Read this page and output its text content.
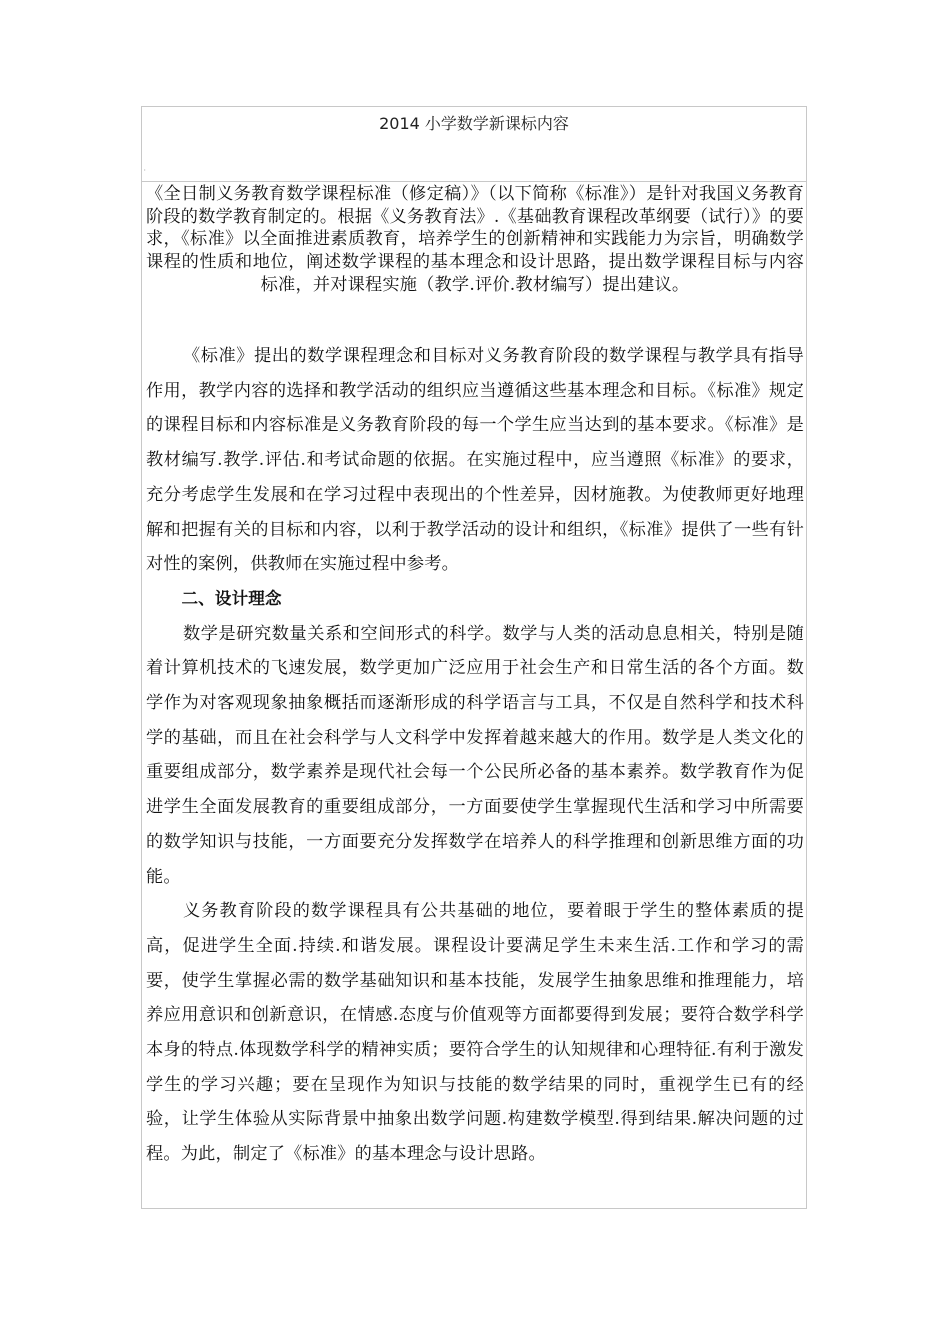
2014 小学数学新课标内容
ʿ
《全日制义务教育数学课程标准（修定稿）》（以下简称《标准》）是针对我国义务教育阶段的数学教育制定的。根据《义务教育法》.《基础教育课程改革纲要（试行）》的要求，《标准》以全面推进素质教育，培养学生的创新精神和实践能力为宗旨，明确数学课程的性质和地位，阐述数学课程的基本理念和设计思路，提出数学课程目标与内容标准，并对课程实施（教学.评价.教材编写）提出建议。

《标准》提出的数学课程理念和目标对义务教育阶段的数学课程与教学具有指导作用，教学内容的选择和教学活动的组织应当遵循这些基本理念和目标。《标准》规定的课程目标和内容标准是义务教育阶段的每一个学生应当达到的基本要求。《标准》是教材编写.教学.评估.和考试命题的依据。在实施过程中，应当遵照《标准》的要求，充分考虑学生发展和在学习过程中表现出的个性差异，因材施教。为使教师更好地理解和把握有关的目标和内容，以利于教学活动的设计和组织，《标准》提供了一些有针对性的案例，供教师在实施过程中参考。

二、设计理念

数学是研究数量关系和空间形式的科学。数学与人类的活动息息相关，特别是随着计算机技术的飞速发展，数学更加广泛应用于社会生产和日常生活的各个方面。数学作为对客观现象抽象概括而逐渐形成的科学语言与工具，不仅是自然科学和技术科学的基础，而且在社会科学与人文科学中发挥着越来越大的作用。数学是人类文化的重要组成部分，数学素养是现代社会每一个公民所必备的基本素养。数学教育作为促进学生全面发展教育的重要组成部分，一方面要使学生掌握现代生活和学习中所需要的数学知识与技能，一方面要充分发挥数学在培养人的科学推理和创新思维方面的功能。

义务教育阶段的数学课程具有公共基础的地位，要着眼于学生的整体素质的提高，促进学生全面.持续.和谐发展。课程设计要满足学生未来生活.工作和学习的需要，使学生掌握必需的数学基础知识和基本技能，发展学生抽象思维和推理能力，培养应用意识和创新意识，在情感.态度与价值观等方面都要得到发展；要符合数学科学本身的特点.体现数学科学的精神实质；要符合学生的认知规律和心理特征.有利于激发学生的学习兴趣；要在呈现作为知识与技能的数学结果的同时，重视学生已有的经验，让学生体验从实际背景中抽象出数学问题.构建数学模型.得到结果.解决问题的过程。为此，制定了《标准》的基本理念与设计思路。
